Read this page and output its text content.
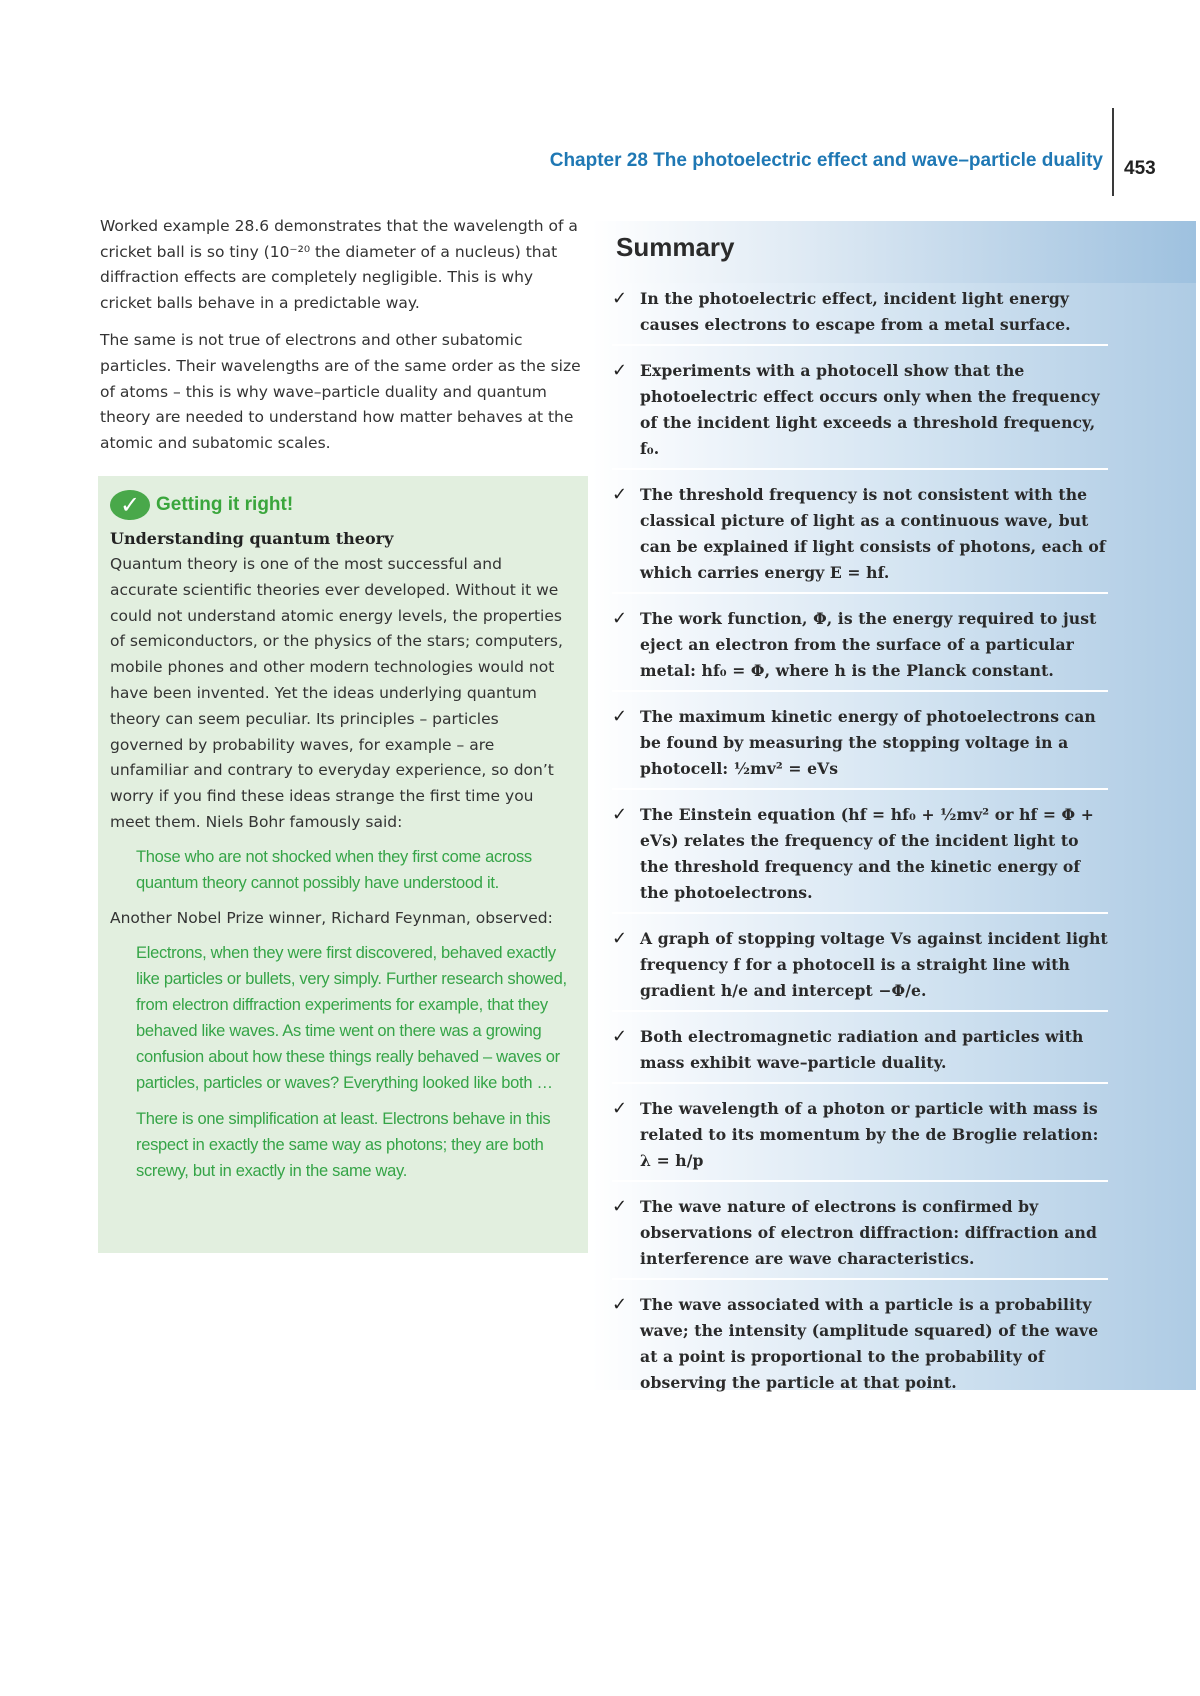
Chapter 28 The photoelectric effect and wave–particle duality 453

Worked example 28.6 demonstrates that the wavelength of a cricket ball is so tiny (10⁻²⁰ the diameter of a nucleus) that diffraction effects are completely negligible. This is why cricket balls behave in a predictable way.

The same is not true of electrons and other subatomic particles. Their wavelengths are of the same order as the size of atoms – this is why wave–particle duality and quantum theory are needed to understand how matter behaves at the atomic and subatomic scales.

✓ Getting it right!

Understanding quantum theory

Quantum theory is one of the most successful and accurate scientific theories ever developed. Without it we could not understand atomic energy levels, the properties of semiconductors, or the physics of the stars; computers, mobile phones and other modern technologies would not have been invented. Yet the ideas underlying quantum theory can seem peculiar. Its principles – particles governed by probability waves, for example – are unfamiliar and contrary to everyday experience, so don’t worry if you find these ideas strange the first time you meet them. Niels Bohr famously said:

Those who are not shocked when they first come across quantum theory cannot possibly have understood it.

Another Nobel Prize winner, Richard Feynman, observed:

Electrons, when they were first discovered, behaved exactly like particles or bullets, very simply. Further research showed, from electron diffraction experiments for example, that they behaved like waves. As time went on there was a growing confusion about how these things really behaved – waves or particles, particles or waves? Everything looked like both …

There is one simplification at least. Electrons behave in this respect in exactly the same way as photons; they are both screwy, but in exactly in the same way.

Summary
✓ In the photoelectric effect, incident light energy causes electrons to escape from a metal surface.
✓ Experiments with a photocell show that the photoelectric effect occurs only when the frequency of the incident light exceeds a threshold frequency, f₀.
✓ The threshold frequency is not consistent with the classical picture of light as a continuous wave, but can be explained if light consists of photons, each of which carries energy E = hf.
✓ The work function, Φ, is the energy required to just eject an electron from the surface of a particular metal: hf₀ = Φ, where h is the Planck constant.
✓ The maximum kinetic energy of photoelectrons can be found by measuring the stopping voltage in a photocell: ½mv² = eVs
✓ The Einstein equation (hf = hf₀ + ½mv² or hf = Φ + eVs) relates the frequency of the incident light to the threshold frequency and the kinetic energy of the photoelectrons.
✓ A graph of stopping voltage Vs against incident light frequency f for a photocell is a straight line with gradient h/e and intercept −Φ/e.
✓ Both electromagnetic radiation and particles with mass exhibit wave–particle duality.
✓ The wavelength of a photon or particle with mass is related to its momentum by the de Broglie relation: λ = h/p
✓ The wave nature of electrons is confirmed by observations of electron diffraction: diffraction and interference are wave characteristics.
✓ The wave associated with a particle is a probability wave; the intensity (amplitude squared) of the wave at a point is proportional to the probability of observing the particle at that point.
